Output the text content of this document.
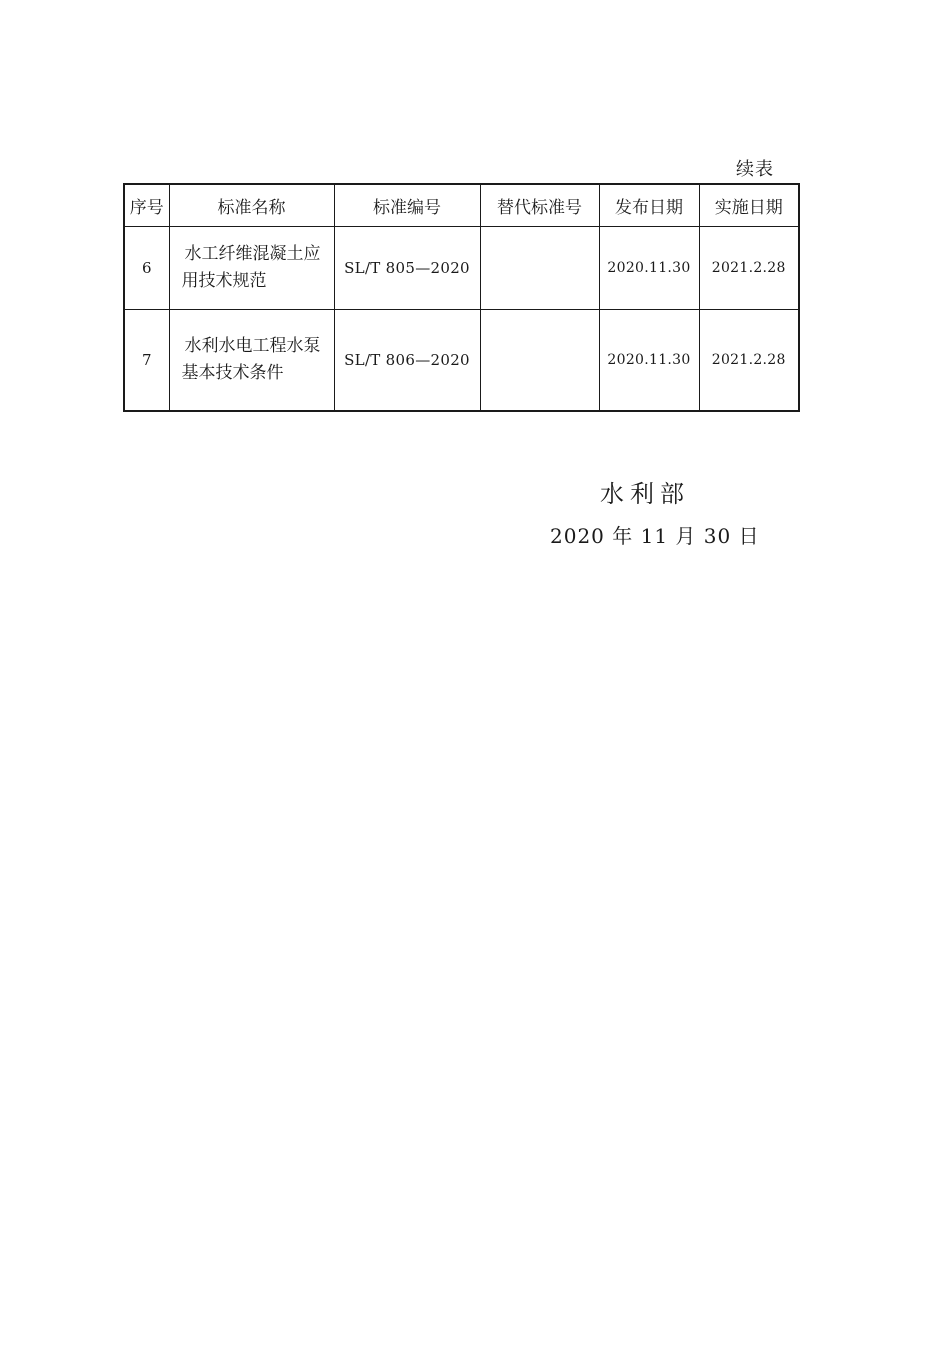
续表
序号	标准名称	标准编号	替代标准号	发布日期	实施日期
6	水工纤维混凝土应用技术规范	SL/T 805—2020		2020.11.30	2021.2.28
7	水利水电工程水泵基本技术条件	SL/T 806—2020		2020.11.30	2021.2.28
水利部
2020 年 11 月 30 日
